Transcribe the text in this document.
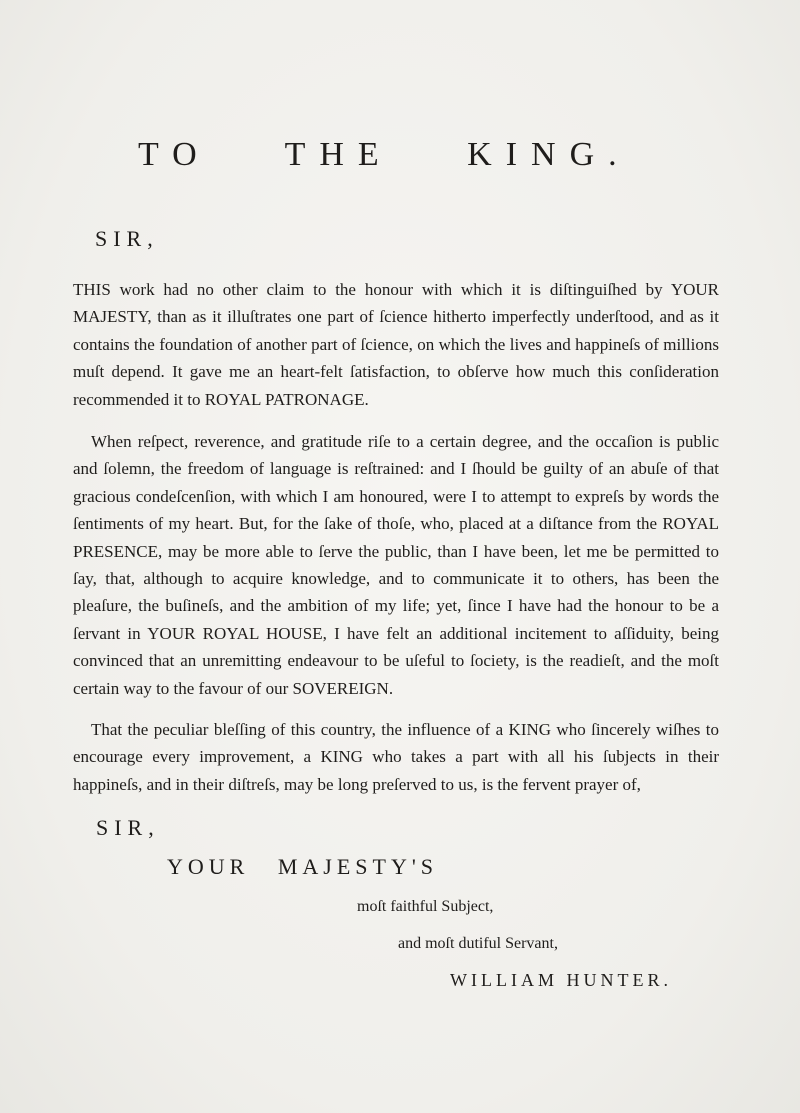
TO THE KING.
SIR,
THIS work had no other claim to the honour with which it is diſtinguiſhed by YOUR MAJESTY, than as it illuſtrates one part of ſcience hitherto imperfectly underſtood, and as it contains the foundation of another part of ſcience, on which the lives and happineſs of millions muſt depend. It gave me an heart-felt ſatisfaction, to obſerve how much this conſideration recommended it to ROYAL PATRONAGE.
When reſpect, reverence, and gratitude riſe to a certain degree, and the occaſion is public and ſolemn, the freedom of language is reſtrained: and I ſhould be guilty of an abuſe of that gracious condeſcenſion, with which I am honoured, were I to attempt to expreſs by words the ſentiments of my heart. But, for the ſake of thoſe, who, placed at a diſtance from the ROYAL PRESENCE, may be more able to ſerve the public, than I have been, let me be permitted to ſay, that, although to acquire knowledge, and to communicate it to others, has been the pleaſure, the buſineſs, and the ambition of my life; yet, ſince I have had the honour to be a ſervant in YOUR ROYAL HOUSE, I have felt an additional incitement to aſſiduity, being convinced that an unremitting endeavour to be uſeful to ſociety, is the readieſt, and the moſt certain way to the favour of our SOVEREIGN.
That the peculiar bleſſing of this country, the influence of a KING who ſincerely wiſhes to encourage every improvement, a KING who takes a part with all his ſubjects in their happineſs, and in their diſtreſs, may be long preſerved to us, is the fervent prayer of,
SIR,
YOUR MAJESTY'S
moſt faithful Subject,
and moſt dutiful Servant,
WILLIAM HUNTER.
